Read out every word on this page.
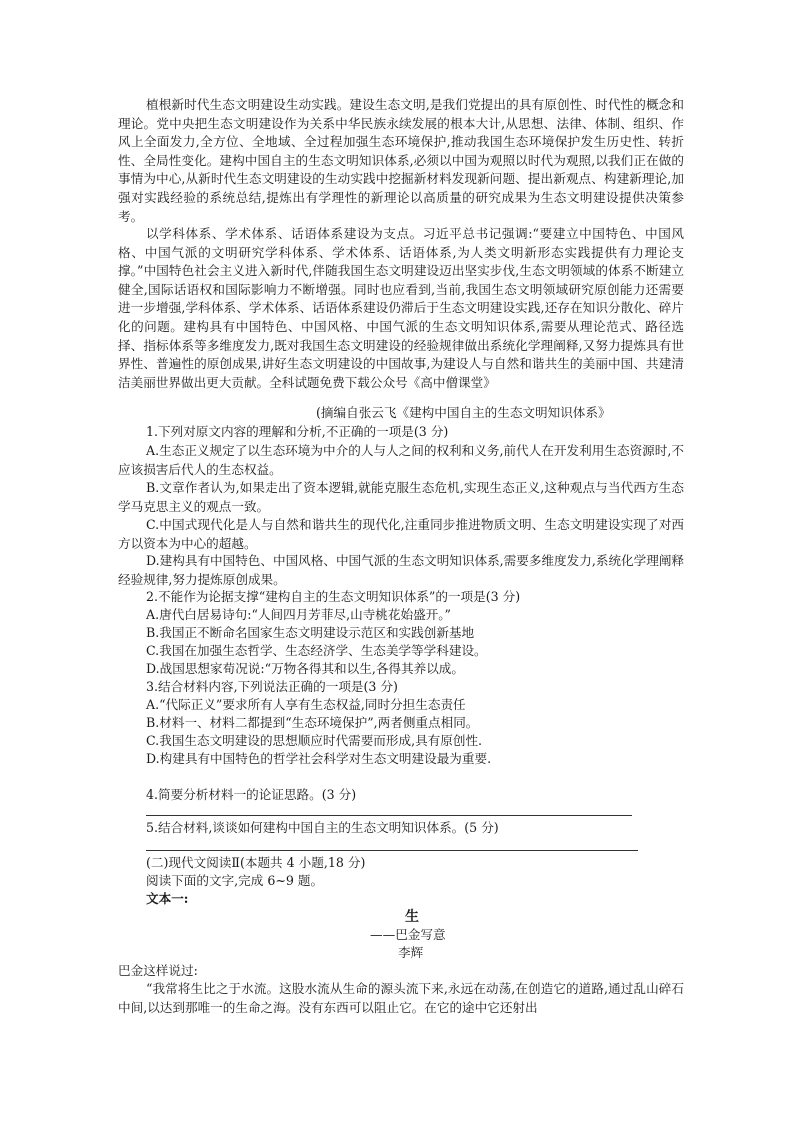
植根新时代生态文明建设生动实践。建设生态文明,是我们党提出的具有原创性、时代性的概念和理论。党中央把生态文明建设作为关系中华民族永续发展的根本大计,从思想、法律、体制、组织、作风上全面发力,全方位、全地域、全过程加强生态环境保护,推动我国生态环境保护发生历史性、转折性、全局性变化。建构中国自主的生态文明知识体系,必须以中国为观照以时代为观照,以我们正在做的事情为中心,从新时代生态文明建设的生动实践中挖掘新材料发现新问题、提出新观点、构建新理论,加强对实践经验的系统总结,提炼出有学理性的新理论以高质量的研究成果为生态文明建设提供决策参考。

以学科体系、学术体系、话语体系建设为支点。习近平总书记强调:“要建立中国特色、中国风格、中国气派的文明研究学科体系、学术体系、话语体系,为人类文明新形态实践提供有力理论支撑。”中国特色社会主义进入新时代,伴随我国生态文明建设迈出坚实步伐,生态文明领域的体系不断建立健全,国际话语权和国际影响力不断增强。同时也应看到,当前,我国生态文明领域研究原创能力还需要进一步增强,学科体系、学术体系、话语体系建设仍滞后于生态文明建设实践,还存在知识分散化、碎片化的问题。建构具有中国特色、中国风格、中国气派的生态文明知识体系,需要从理论范式、路径选择、指标体系等多维度发力,既对我国生态文明建设的经验规律做出系统化学理阐释,又努力提炼具有世界性、普遍性的原创成果,讲好生态文明建设的中国故事,为建设人与自然和谐共生的美丽中国、共建清洁美丽世界做出更大贡献。全科试题免费下载公众号《高中僧课堂》

(摘编自张云飞《建构中国自主的生态文明知识体系》

1.下列对原文内容的理解和分析,不正确的一项是(3 分)

A.生态正义规定了以生态环境为中介的人与人之间的权利和义务,前代人在开发利用生态资源时,不应该损害后代人的生态权益。

B.文章作者认为,如果走出了资本逻辑,就能克服生态危机,实现生态正义,这种观点与当代西方生态学马克思主义的观点一致。

C.中国式现代化是人与自然和谐共生的现代化,注重同步推进物质文明、生态文明建设实现了对西方以资本为中心的超越。

D.建构具有中国特色、中国风格、中国气派的生态文明知识体系,需要多维度发力,系统化学理阐释经验规律,努力提炼原创成果。

2.不能作为论据支撑“建构自主的生态文明知识体系”的一项是(3 分)

A.唐代白居易诗句:“人间四月芳菲尽,山寺桃花始盛开。”

B.我国正不断命名国家生态文明建设示范区和实践创新基地

C.我国在加强生态哲学、生态经济学、生态美学等学科建设。

D.战国思想家荀况说:“万物各得其和以生,各得其养以成。

3.结合材料内容,下列说法正确的一项是(3 分)

A.“代际正义”要求所有人享有生态权益,同时分担生态责任

B.材料一、材料二都提到“生态环境保护”,两者侧重点相同。

C.我国生态文明建设的思想顺应时代需要而形成,具有原创性.

D.构建具有中国特色的哲学社会科学对生态文明建设最为重要.

4.简要分析材料一的论证思路。(3 分)

5.结合材料,谈谈如何建构中国自主的生态文明知识体系。(5 分)

(二)现代文阅读Ⅱ(本题共 4 小题,18 分)

阅读下面的文字,完成 6~9 题。

文本一:

生

——巴金写意

李辉

巴金这样说过:

“我常将生比之于水流。这股水流从生命的源头流下来,永远在动荡,在创造它的道路,通过乱山碎石中间,以达到那唯一的生命之海。没有东西可以阻止它。在它的途中它还射出
